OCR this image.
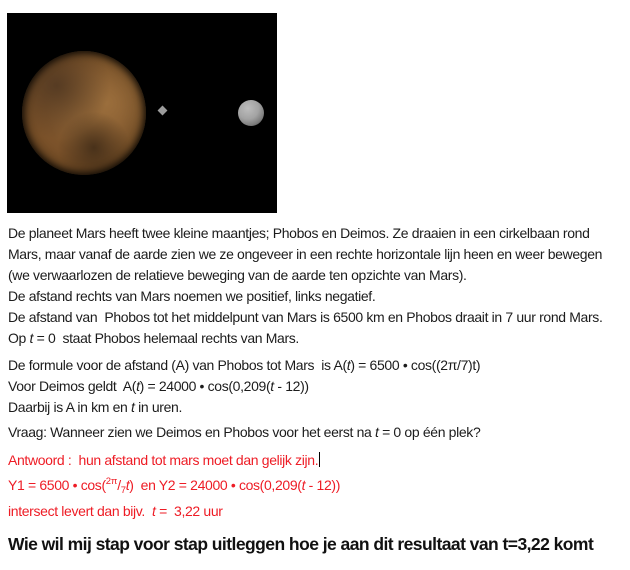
De planeet Mars heeft twee kleine maantjes; Phobos en Deimos. Ze draaien in een cirkelbaan rond
Mars, maar vanaf de aarde zien we ze ongeveer in een rechte horizontale lijn heen en weer bewegen
(we verwaarlozen de relatieve beweging van de aarde ten opzichte van Mars).
De afstand rechts van Mars noemen we positief, links negatief.
De afstand van  Phobos tot het middelpunt van Mars is 6500 km en Phobos draait in 7 uur rond Mars.
Op t = 0  staat Phobos helemaal rechts van Mars.
De formule voor de afstand (A) van Phobos tot Mars  is A(t) = 6500 • cos((2π/7)t)
Voor Deimos geldt  A(t) = 24000 • cos(0,209(t - 12))
Daarbij is A in km en t in uren.
Vraag: Wanneer zien we Deimos en Phobos voor het eerst na t = 0 op één plek?
Antwoord :  hun afstand tot mars moet dan gelijk zijn.
Y1 = 6500 • $\cos(^{2\pi}/_7t)$  en Y2 = 24000 • cos(0,209(t - 12))
intersect levert dan bijv.  t =  3,22 uur
Wie wil mij stap voor stap uitleggen hoe je aan dit resultaat van t=3,22 komt
